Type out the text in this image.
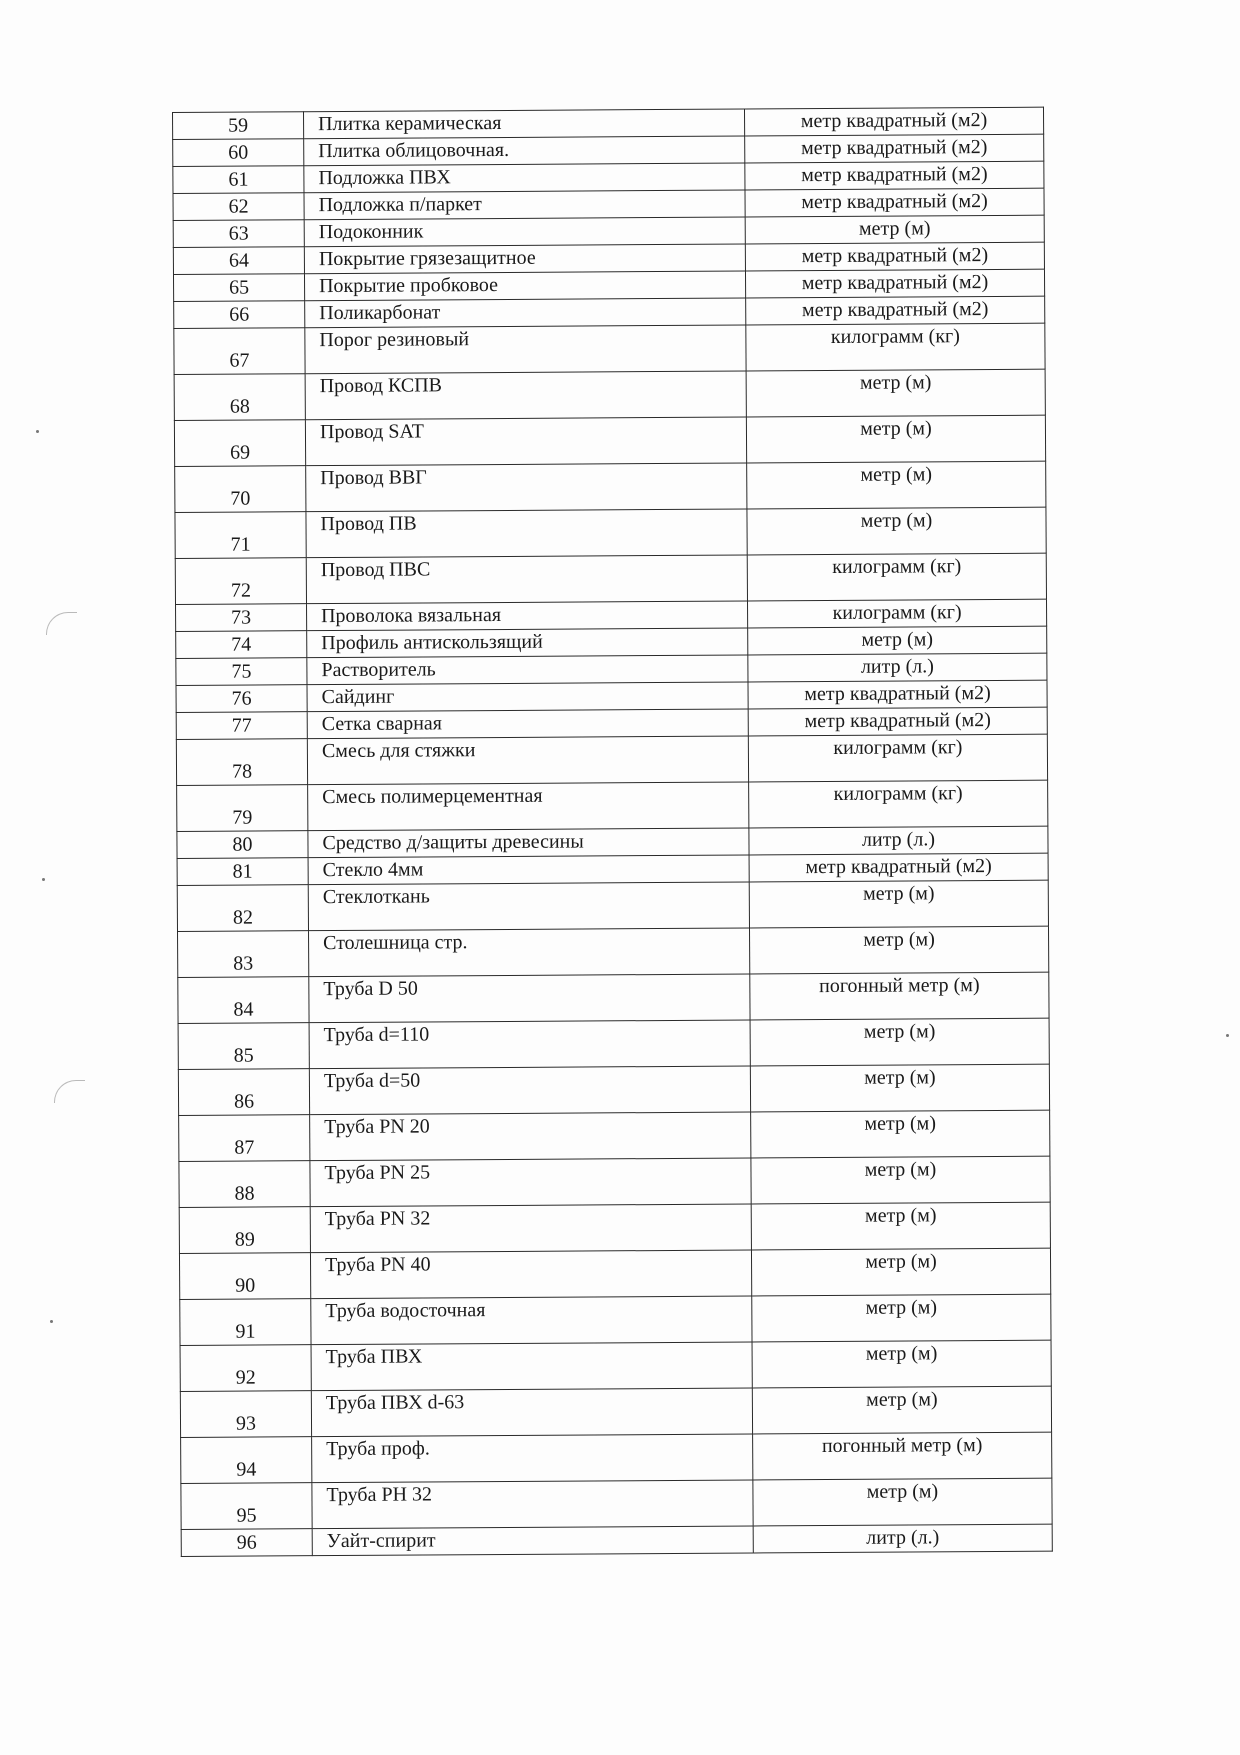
59	Плитка керамическая	метр квадратный (м2)
60	Плитка облицовочная.	метр квадратный (м2)
61	Подложка ПВХ	метр квадратный (м2)
62	Подложка п/паркет	метр квадратный (м2)
63	Подоконник	метр (м)
64	Покрытие грязезащитное	метр квадратный (м2)
65	Покрытие пробковое	метр квадратный (м2)
66	Поликарбонат	метр квадратный (м2)
67	Порог резиновый	килограмм (кг)
68	Провод КСПВ	метр (м)
69	Провод SAT	метр (м)
70	Провод ВВГ	метр (м)
71	Провод ПВ	метр (м)
72	Провод ПВС	килограмм (кг)
73	Проволока вязальная	килограмм (кг)
74	Профиль антискользящий	метр (м)
75	Растворитель	литр (л.)
76	Сайдинг	метр квадратный (м2)
77	Сетка сварная	метр квадратный (м2)
78	Смесь для стяжки	килограмм (кг)
79	Смесь полимерцементная	килограмм (кг)
80	Средство д/защиты древесины	литр (л.)
81	Стекло 4мм	метр квадратный (м2)
82	Стеклоткань	метр (м)
83	Столешница стр.	метр (м)
84	Труба D 50	погонный метр (м)
85	Труба d=110	метр (м)
86	Труба d=50	метр (м)
87	Труба PN 20	метр (м)
88	Труба PN 25	метр (м)
89	Труба PN 32	метр (м)
90	Труба PN 40	метр (м)
91	Труба водосточная	метр (м)
92	Труба ПВХ	метр (м)
93	Труба ПВХ d-63	метр (м)
94	Труба проф.	погонный метр (м)
95	Труба PH 32	метр (м)
96	Уайт-спирит	литр (л.)
